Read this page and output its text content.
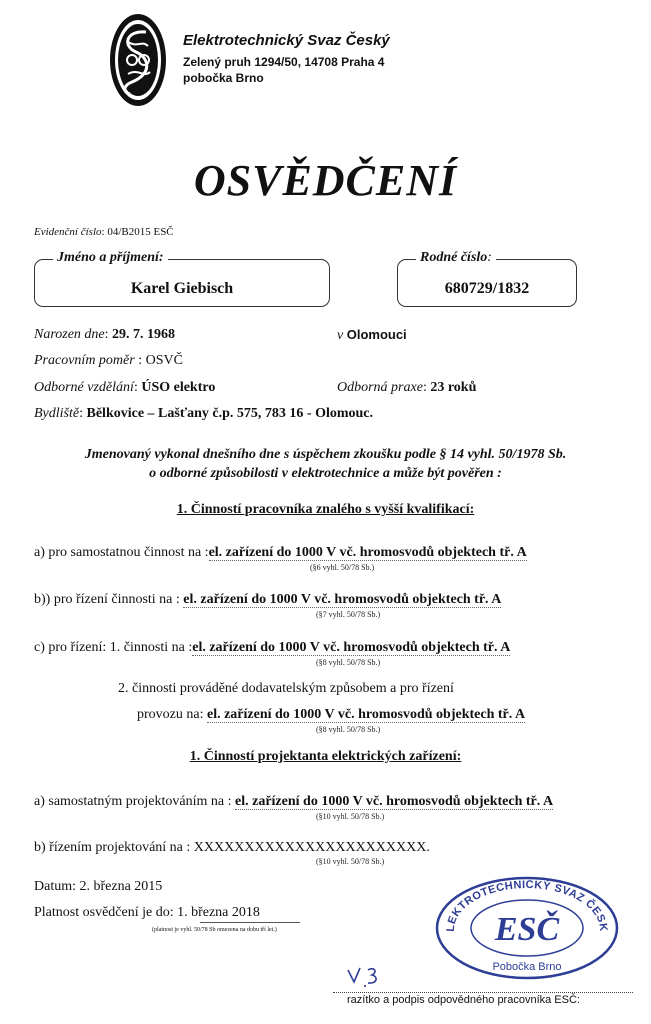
Elektrotechnický Svaz Český
Zelený pruh 1294/50, 14708 Praha 4
pobočka Brno
OSVĚDČENÍ
Evidenční číslo: 04/B2015 ESČ
Jméno a příjmení:
Karel Giebisch
Rodné číslo:
680729/1832
Narozen dne: 29. 7. 1968	v Olomouci
Pracovním poměr : OSVČ
Odborné vzdělání: ÚSO elektro	Odborná praxe: 23 roků
Bydliště: Bělkovice – Lašťany č.p. 575, 783 16 - Olomouc.
Jmenovaný vykonal dnešního dne s úspěchem zkoušku podle § 14 vyhl. 50/1978 Sb.
o odborné způsobilosti v elektrotechnice a může být pověřen :
1. Činností pracovníka znalého s vyšší kvalifikací:
a) pro samostatnou činnost na :el. zařízení do 1000 V vč. hromosvodů objektech tř. A
(§6 vyhl. 50/78 Sb.)
b)) pro řízení činnosti na : el. zařízení do 1000 V vč. hromosvodů objektech tř. A
(§7 vyhl. 50/78 Sb.)
c) pro řízení: 1. činnosti na :el. zařízení do 1000 V vč. hromosvodů objektech tř. A
(§8 vyhl. 50/78 Sb.)
2. činnosti prováděné dodavatelským způsobem a pro řízení
provozu na: el. zařízení do 1000 V vč. hromosvodů objektech tř. A
(§8 vyhl. 50/78 Sb.)
1. Činností projektanta elektrických zařízení:
a) samostatným projektováním na : el. zařízení do 1000 V vč. hromosvodů objektech tř. A
(§10 vyhl. 50/78 Sb.)
b) řízením projektování na : XXXXXXXXXXXXXXXXXXXXXXX.
(§10 vyhl. 50/78 Sb.)
Datum: 2. března 2015
Platnost osvědčení je do: 1. března 2018
(platnost je vyhl. 50/78 Sb omezena na dobu tří let.)	LEKTROTECHNICKÝ SVAZ ČESK
ESČ
Pobočka Brno
razítko a podpis odpovědného pracovníka ESČ:
